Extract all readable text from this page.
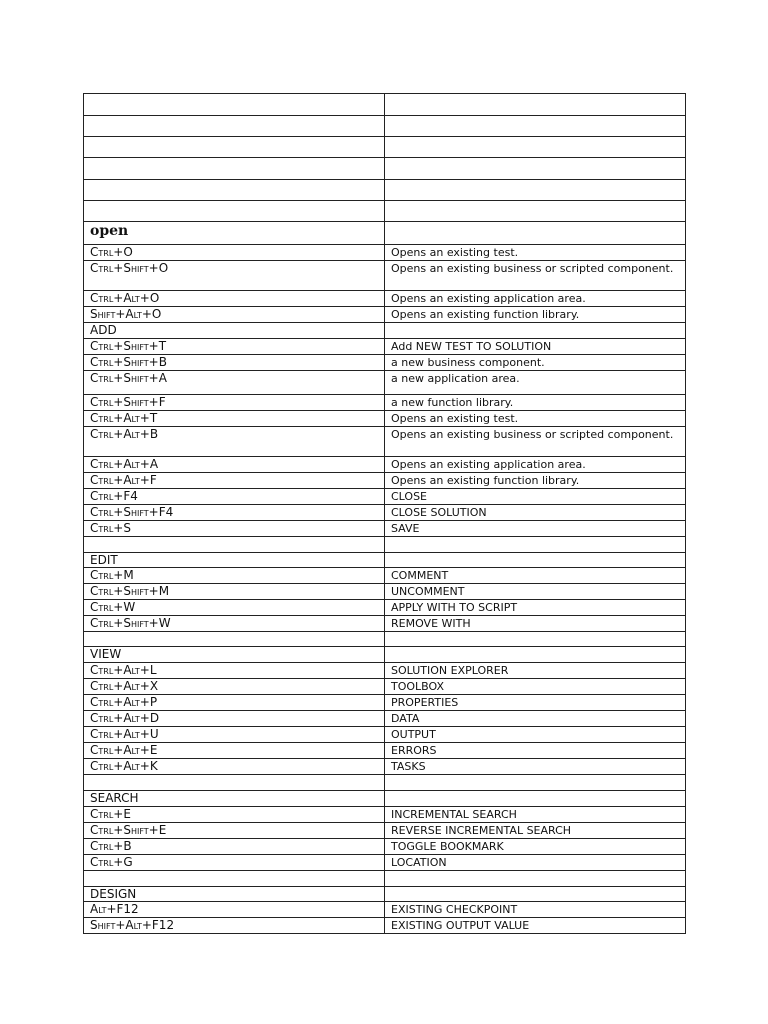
open	
Ctrl+O	Opens an existing test.
Ctrl+Shift+O	Opens an existing business or scripted component.
Ctrl+Alt+O	Opens an existing application area.
Shift+Alt+O	Opens an existing function library.
ADD	
Ctrl+Shift+T	Add NEW TEST TO SOLUTION
Ctrl+Shift+B	a new business component.
Ctrl+Shift+A	a new application area.
Ctrl+Shift+F	a new function library.
Ctrl+Alt+T	Opens an existing test.
Ctrl+Alt+B	Opens an existing business or scripted component.
Ctrl+Alt+A	Opens an existing application area.
Ctrl+Alt+F	Opens an existing function library.
Ctrl+F4	CLOSE
Ctrl+Shift+F4	CLOSE SOLUTION
Ctrl+S	SAVE

EDIT	
Ctrl+M	COMMENT
Ctrl+Shift+M	UNCOMMENT
Ctrl+W	APPLY WITH TO SCRIPT
Ctrl+Shift+W	REMOVE WITH

VIEW	
Ctrl+Alt+L	SOLUTION EXPLORER
Ctrl+Alt+X	TOOLBOX
Ctrl+Alt+P	PROPERTIES
Ctrl+Alt+D	DATA
Ctrl+Alt+U	OUTPUT
Ctrl+Alt+E	ERRORS
Ctrl+Alt+K	TASKS

SEARCH	
Ctrl+E	INCREMENTAL SEARCH
Ctrl+Shift+E	REVERSE INCREMENTAL SEARCH
Ctrl+B	TOGGLE BOOKMARK
Ctrl+G	LOCATION

DESIGN	
Alt+F12	EXISTING CHECKPOINT
Shift+Alt+F12	EXISTING OUTPUT VALUE
